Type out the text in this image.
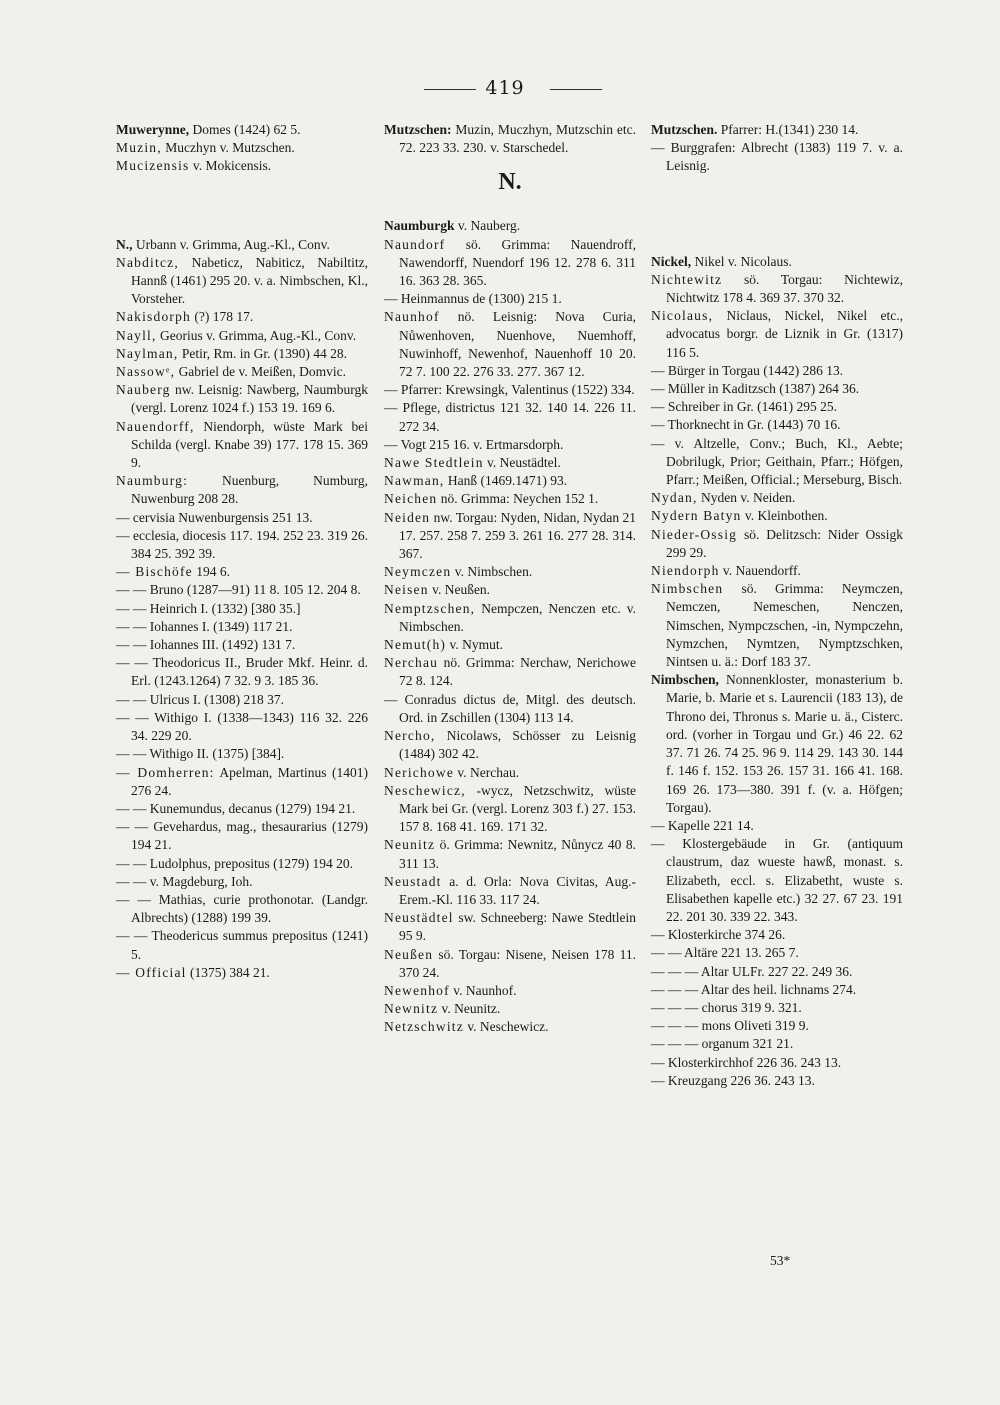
419

Muwerynne, Domes (1424) 62 5.

Muzin, Muczhyn v. Mutzschen.

Mucizensis v. Mokicensis.

N., Urbann v. Grimma, Aug.-Kl., Conv.

Nabditcz, Nabeticz, Nabiticz, Nabiltitz, Hannß (1461) 295 20. v. a. Nimbschen, Kl., Vorsteher.

Nakisdorph (?) 178 17.

Nayll, Georius v. Grimma, Aug.-Kl., Conv.

Naylman, Petir, Rm. in Gr. (1390) 44 28.

Nassowᵉ, Gabriel de v. Meißen, Domvic.

Nauberg nw. Leisnig: Nawberg, Naumburgk (vergl. Lorenz 1024 f.) 153 19. 169 6.

Nauendorff, Niendorph, wüste Mark bei Schilda (vergl. Knabe 39) 177. 178 15. 369 9.

Naumburg: Nuenburg, Numburg, Nuwenburg 208 28.

— cervisia Nuwenburgensis 251 13.

— ecclesia, diocesis 117. 194. 252 23. 319 26. 384 25. 392 39.

— Bischöfe 194 6.

— — Bruno (1287—91) 11 8. 105 12. 204 8.

— — Heinrich I. (1332) [380 35.]

— — Iohannes I. (1349) 117 21.

— — Iohannes III. (1492) 131 7.

— — Theodoricus II., Bruder Mkf. Heinr. d. Erl. (1243.1264) 7 32. 9 3. 185 36.

— — Ulricus I. (1308) 218 37.

— — Withigo I. (1338—1343) 116 32. 226 34. 229 20.

— — Withigo II. (1375) [384].

— Domherren: Apelman, Martinus (1401) 276 24.

— — Kunemundus, decanus (1279) 194 21.

— — Gevehardus, mag., thesaurarius (1279) 194 21.

— — Ludolphus, prepositus (1279) 194 20.

— — v. Magdeburg, Ioh.

— — Mathias, curie prothonotar. (Landgr. Albrechts) (1288) 199 39.

— — Theodericus summus prepositus (1241) 5.

— Official (1375) 384 21.

Mutzschen: Muzin, Muczhyn, Mutzschin etc. 72. 223 33. 230. v. Starschedel.

N.

Naumburgk v. Nauberg.

Naundorf sö. Grimma: Nauendroff, Nawendorff, Nuendorf 196 12. 278 6. 311 16. 363 28. 365.

— Heinmannus de (1300) 215 1.

Naunhof nö. Leisnig: Nova Curia, Nůwenhoven, Nuenhove, Nuemhoff, Nuwinhoff, Newenhof, Nauenhoff 10 20. 72 7. 100 22. 276 33. 277. 367 12.

— Pfarrer: Krewsingk, Valentinus (1522) 334.

— Pflege, districtus 121 32. 140 14. 226 11. 272 34.

— Vogt 215 16. v. Ertmarsdorph.

Nawe Stedtlein v. Neustädtel.

Nawman, Hanß (1469.1471) 93.

Neichen nö. Grimma: Neychen 152 1.

Neiden nw. Torgau: Nyden, Nidan, Nydan 21 17. 257. 258 7. 259 3. 261 16. 277 28. 314. 367.

Neymczen v. Nimbschen.

Neisen v. Neußen.

Nemptzschen, Nempczen, Nenczen etc. v. Nimbschen.

Nemut(h) v. Nymut.

Nerchau nö. Grimma: Nerchaw, Nerichowe 72 8. 124.

— Conradus dictus de, Mitgl. des deutsch. Ord. in Zschillen (1304) 113 14.

Nercho, Nicolaws, Schösser zu Leisnig (1484) 302 42.

Nerichowe v. Nerchau.

Neschewicz, -wycz, Netzschwitz, wüste Mark bei Gr. (vergl. Lorenz 303 f.) 27. 153. 157 8. 168 41. 169. 171 32.

Neunitz ö. Grimma: Newnitz, Nůnycz 40 8. 311 13.

Neustadt a. d. Orla: Nova Civitas, Aug.-Erem.-Kl. 116 33. 117 24.

Neustädtel sw. Schneeberg: Nawe Stedtlein 95 9.

Neußen sö. Torgau: Nisene, Neisen 178 11. 370 24.

Newenhof v. Naunhof.

Newnitz v. Neunitz.

Netzschwitz v. Neschewicz.

Mutzschen. Pfarrer: H.(1341) 230 14.

— Burggrafen: Albrecht (1383) 119 7. v. a. Leisnig.

Nickel, Nikel v. Nicolaus.

Nichtewitz sö. Torgau: Nichtewiz, Nichtwitz 178 4. 369 37. 370 32.

Nicolaus, Niclaus, Nickel, Nikel etc., advocatus borgr. de Liznik in Gr. (1317) 116 5.

— Bürger in Torgau (1442) 286 13.

— Müller in Kaditzsch (1387) 264 36.

— Schreiber in Gr. (1461) 295 25.

— Thorknecht in Gr. (1443) 70 16.

— v. Altzelle, Conv.; Buch, Kl., Aebte; Dobrilugk, Prior; Geithain, Pfarr.; Höfgen, Pfarr.; Meißen, Official.; Merseburg, Bisch.

Nydan, Nyden v. Neiden.

Nydern Batyn v. Kleinbothen.

Nieder-Ossig sö. Delitzsch: Nider Ossigk 299 29.

Niendorph v. Nauendorff.

Nimbschen sö. Grimma: Neymczen, Nemczen, Nemeschen, Nenczen, Nimschen, Nympczschen, -in, Nympczehn, Nymzchen, Nymtzen, Nymptzschken, Nintsen u. ä.: Dorf 183 37.

Nimbschen, Nonnenkloster, monasterium b. Marie, b. Marie et s. Laurencii (183 13), de Throno dei, Thronus s. Marie u. ä., Cisterc. ord. (vorher in Torgau und Gr.) 46 22. 62 37. 71 26. 74 25. 96 9. 114 29. 143 30. 144 f. 146 f. 152. 153 26. 157 31. 166 41. 168. 169 26. 173—380. 391 f. (v. a. Höfgen; Torgau).

— Kapelle 221 14.

— Klostergebäude in Gr. (antiquum claustrum, daz wueste hawß, monast. s. Elizabeth, eccl. s. Elizabetht, wuste s. Elisabethen kapelle etc.) 32 27. 67 23. 191 22. 201 30. 339 22. 343.

— Klosterkirche 374 26.

— — Altäre 221 13. 265 7.

— — — Altar ULFr. 227 22. 249 36.

— — — Altar des heil. lichnams 274.

— — — chorus 319 9. 321.

— — — mons Oliveti 319 9.

— — — organum 321 21.

— Klosterkirchhof 226 36. 243 13.

— Kreuzgang 226 36. 243 13.

53*
